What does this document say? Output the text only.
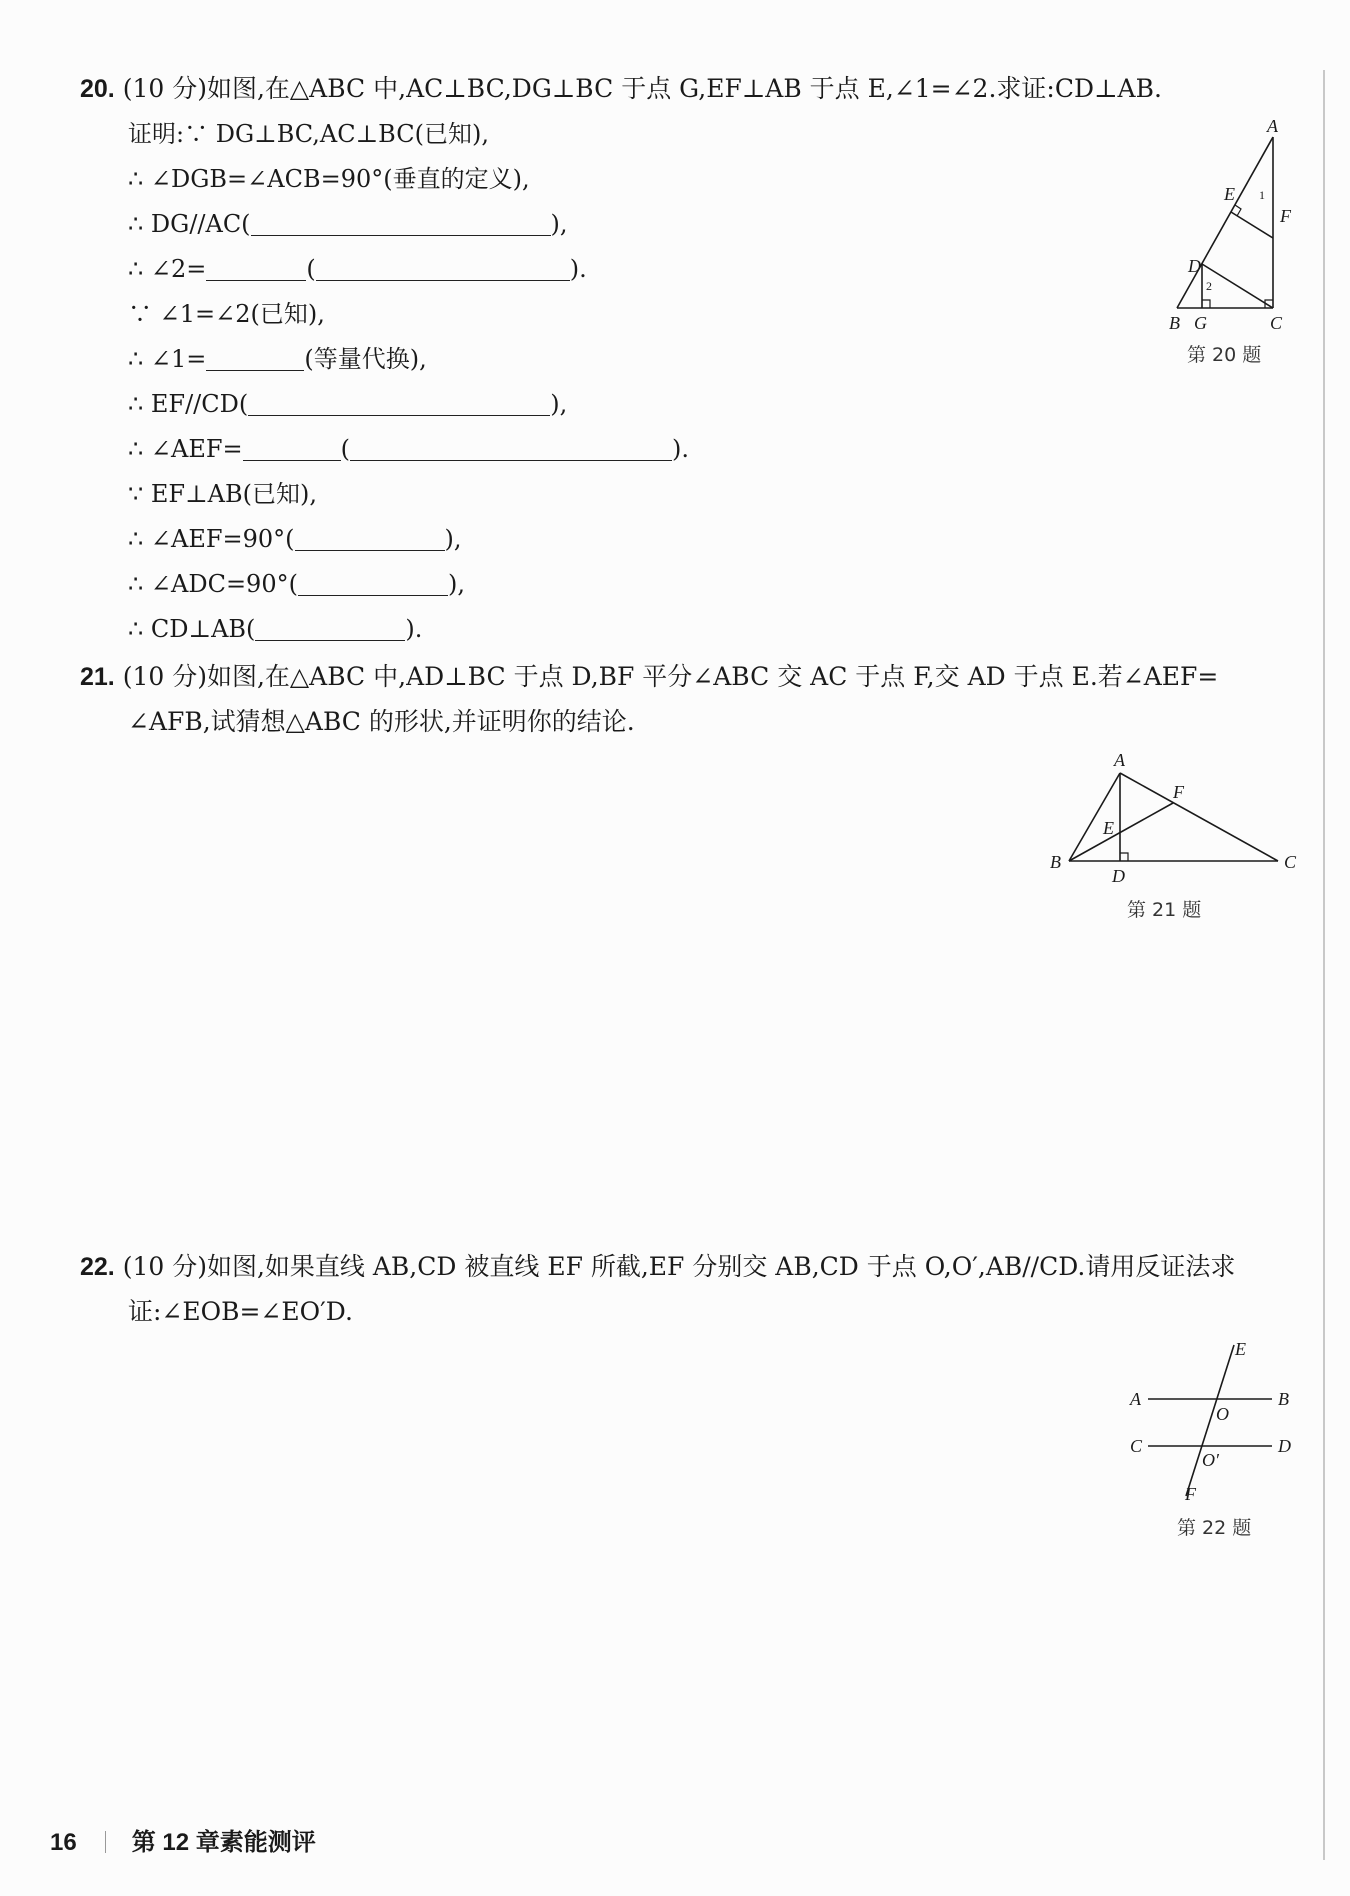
20. (10 分)如图,在△ABC 中,AC⊥BC,DG⊥BC 于点 G,EF⊥AB 于点 E,∠1=∠2.求证:CD⊥AB.
证明:∵ DG⊥BC,AC⊥BC(已知),
∴ ∠DGB=∠ACB=90°(垂直的定义),
∴ DG//AC(	),
∴ ∠2=	(	).
∵ ∠1=∠2(已知),
∴ ∠1=	(等量代换),
∴ EF//CD(	),
∴ ∠AEF=	(	).
∵ EF⊥AB(已知),
∴ ∠AEF=90°(	),
∴ ∠ADC=90°(	),
∴ CD⊥AB(	).
A
E
F
D
B G	C
1
2
第 20 题
21. (10 分)如图,在△ABC 中,AD⊥BC 于点 D,BF 平分∠ABC 交 AC 于点 F,交 AD 于点 E.若∠AEF=
∠AFB,试猜想△ABC 的形状,并证明你的结论.
A
F
E
B
D
C
第 21 题
22. (10 分)如图,如果直线 AB,CD 被直线 EF 所截,EF 分别交 AB,CD 于点 O,O′,AB//CD.请用反证法求
证:∠EOB=∠EO′D.
E
A	B
O
C	D
O′
F
第 22 题
16 第 12 章素能测评
